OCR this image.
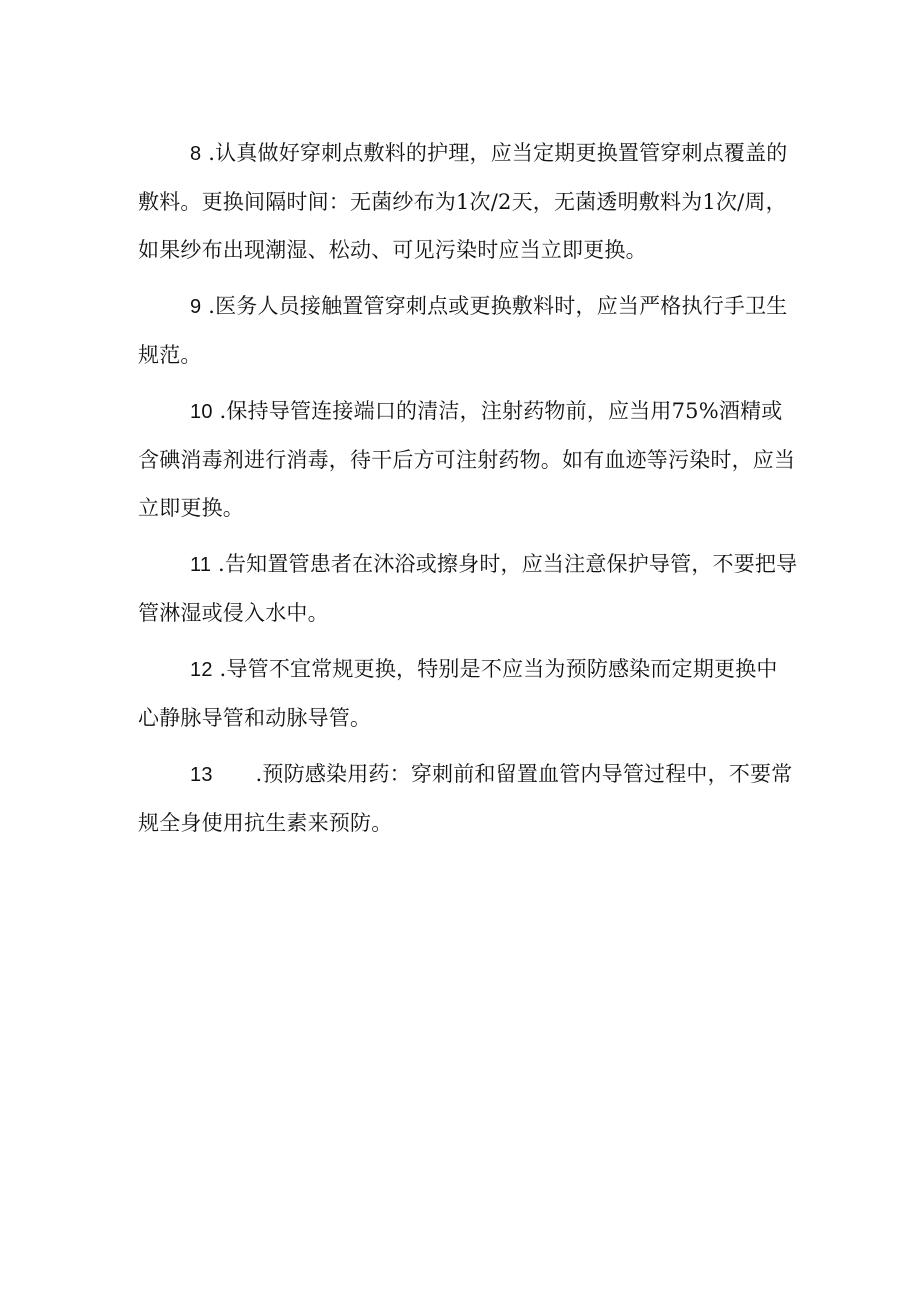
8 .认真做好穿刺点敷料的护理，应当定期更换置管穿刺点覆盖的敷料。更换间隔时间：无菌纱布为1次/2天，无菌透明敷料为1次/周，如果纱布出现潮湿、松动、可见污染时应当立即更换。

9 .医务人员接触置管穿刺点或更换敷料时，应当严格执行手卫生规范。

10 .保持导管连接端口的清洁，注射药物前，应当用75%酒精或含碘消毒剂进行消毒，待干后方可注射药物。如有血迹等污染时，应当立即更换。

11 .告知置管患者在沐浴或擦身时，应当注意保护导管，不要把导管淋湿或侵入水中。

12 .导管不宜常规更换，特别是不应当为预防感染而定期更换中心静脉导管和动脉导管。

13 .预防感染用药：穿刺前和留置血管内导管过程中，不要常规全身使用抗生素来预防。
